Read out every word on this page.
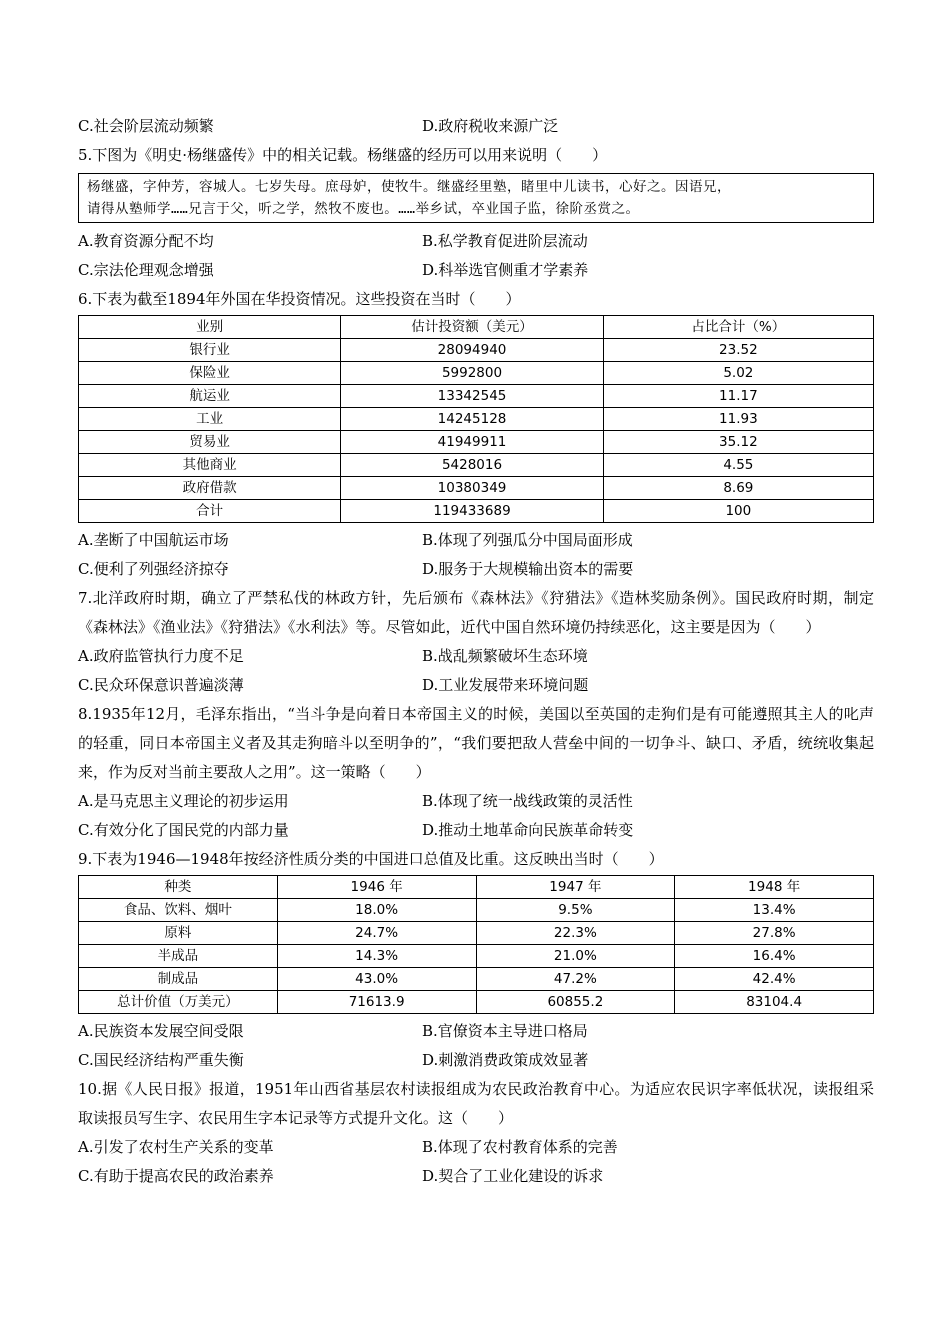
C.社会阶层流动频繁	D.政府税收来源广泛
5.下图为《明史·杨继盛传》中的相关记载。杨继盛的经历可以用来说明（　　）
杨继盛，字仲芳，容城人。七岁失母。庶母妒，使牧牛。继盛经里塾，睹里中儿读书，心好之。因语兄，
请得从塾师学……兄言于父，听之学，然牧不废也。……举乡试，卒业国子监，徐阶丞赏之。
A.教育资源分配不均	B.私学教育促进阶层流动
C.宗法伦理观念增强	D.科举选官侧重才学素养
6.下表为截至1894年外国在华投资情况。这些投资在当时（　　）
业别	估计投资额（美元）	占比合计（%）
银行业	28094940	23.52
保险业	5992800	5.02
航运业	13342545	11.17
工业	14245128	11.93
贸易业	41949911	35.12
其他商业	5428016	4.55
政府借款	10380349	8.69
合计	119433689	100
A.垄断了中国航运市场	B.体现了列强瓜分中国局面形成
C.便利了列强经济掠夺	D.服务于大规模输出资本的需要
7.北洋政府时期，确立了严禁私伐的林政方针，先后颁布《森林法》《狩猎法》《造林奖励条例》。国民政府时期，制定《森林法》《渔业法》《狩猎法》《水利法》等。尽管如此，近代中国自然环境仍持续恶化，这主要是因为（　　）
A.政府监管执行力度不足	B.战乱频繁破坏生态环境
C.民众环保意识普遍淡薄	D.工业发展带来环境问题
8.1935年12月，毛泽东指出，“当斗争是向着日本帝国主义的时候，美国以至英国的走狗们是有可能遵照其主人的叱声的轻重，同日本帝国主义者及其走狗暗斗以至明争的”，“我们要把敌人营垒中间的一切争斗、缺口、矛盾，统统收集起来，作为反对当前主要敌人之用”。这一策略（　　）
A.是马克思主义理论的初步运用	B.体现了统一战线政策的灵活性
C.有效分化了国民党的内部力量	D.推动土地革命向民族革命转变
9.下表为1946—1948年按经济性质分类的中国进口总值及比重。这反映出当时（　　）
种类	1946 年	1947 年	1948 年
食品、饮料、烟叶	18.0%	9.5%	13.4%
原料	24.7%	22.3%	27.8%
半成品	14.3%	21.0%	16.4%
制成品	43.0%	47.2%	42.4%
总计价值（万美元）	71613.9	60855.2	83104.4
A.民族资本发展空间受限	B.官僚资本主导进口格局
C.国民经济结构严重失衡	D.刺激消费政策成效显著
10.据《人民日报》报道，1951年山西省基层农村读报组成为农民政治教育中心。为适应农民识字率低状况，读报组采取读报员写生字、农民用生字本记录等方式提升文化。这（　　）
A.引发了农村生产关系的变革	B.体现了农村教育体系的完善
C.有助于提高农民的政治素养	D.契合了工业化建设的诉求
